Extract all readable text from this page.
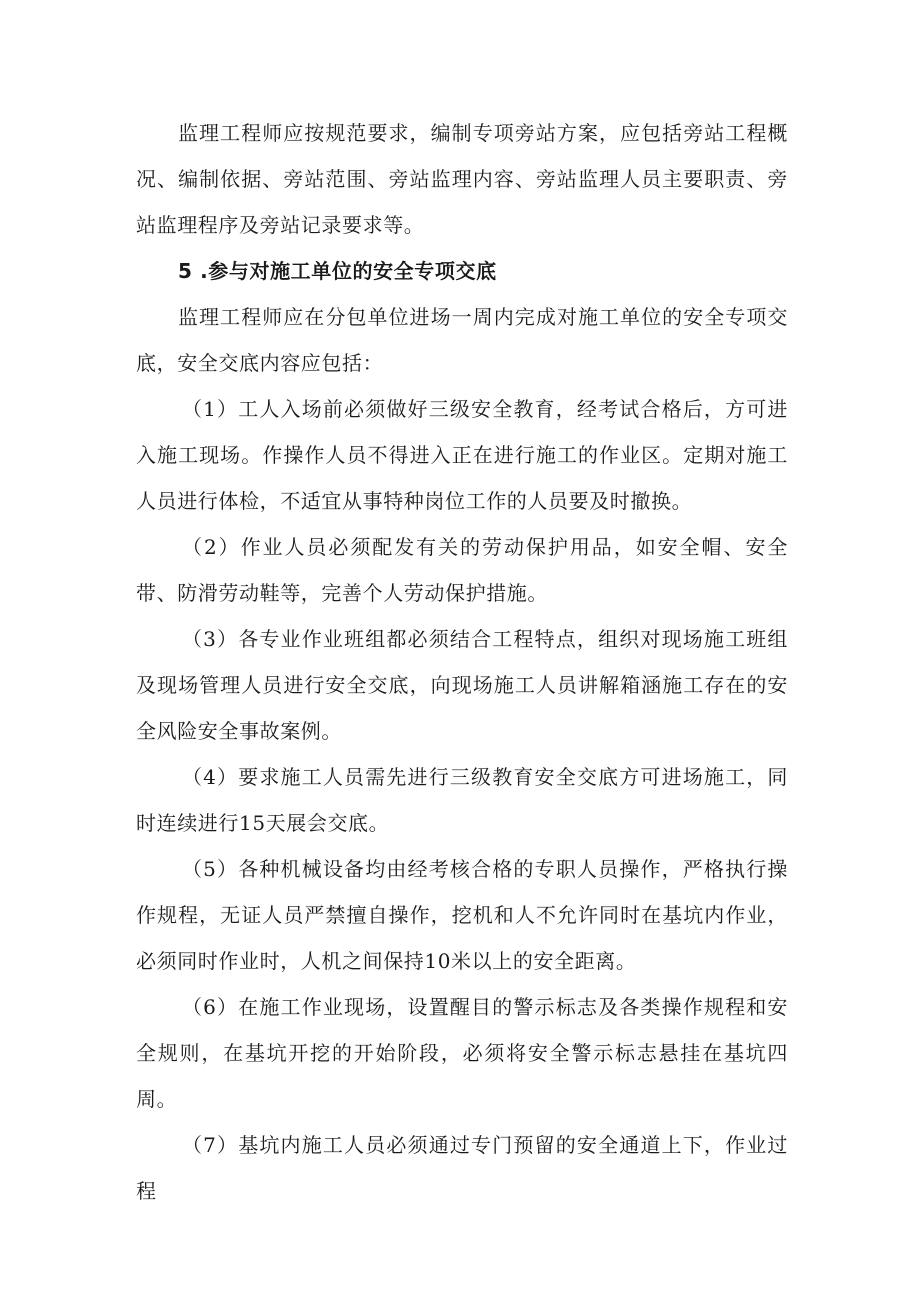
监理工程师应按规范要求，编制专项旁站方案，应包括旁站工程概况、编制依据、旁站范围、旁站监理内容、旁站监理人员主要职责、旁站监理程序及旁站记录要求等。

5 .参与对施工单位的安全专项交底

监理工程师应在分包单位进场一周内完成对施工单位的安全专项交底，安全交底内容应包括：

（1）工人入场前必须做好三级安全教育，经考试合格后，方可进入施工现场。作操作人员不得进入正在进行施工的作业区。定期对施工人员进行体检，不适宜从事特种岗位工作的人员要及时撤换。

（2）作业人员必须配发有关的劳动保护用品，如安全帽、安全带、防滑劳动鞋等，完善个人劳动保护措施。

（3）各专业作业班组都必须结合工程特点，组织对现场施工班组及现场管理人员进行安全交底，向现场施工人员讲解箱涵施工存在的安全风险安全事故案例。

（4）要求施工人员需先进行三级教育安全交底方可进场施工，同时连续进行15天展会交底。

（5）各种机械设备均由经考核合格的专职人员操作，严格执行操作规程，无证人员严禁擅自操作，挖机和人不允许同时在基坑内作业，必须同时作业时，人机之间保持10米以上的安全距离。

（6）在施工作业现场，设置醒目的警示标志及各类操作规程和安全规则，在基坑开挖的开始阶段，必须将安全警示标志悬挂在基坑四周。

（7）基坑内施工人员必须通过专门预留的安全通道上下，作业过程
